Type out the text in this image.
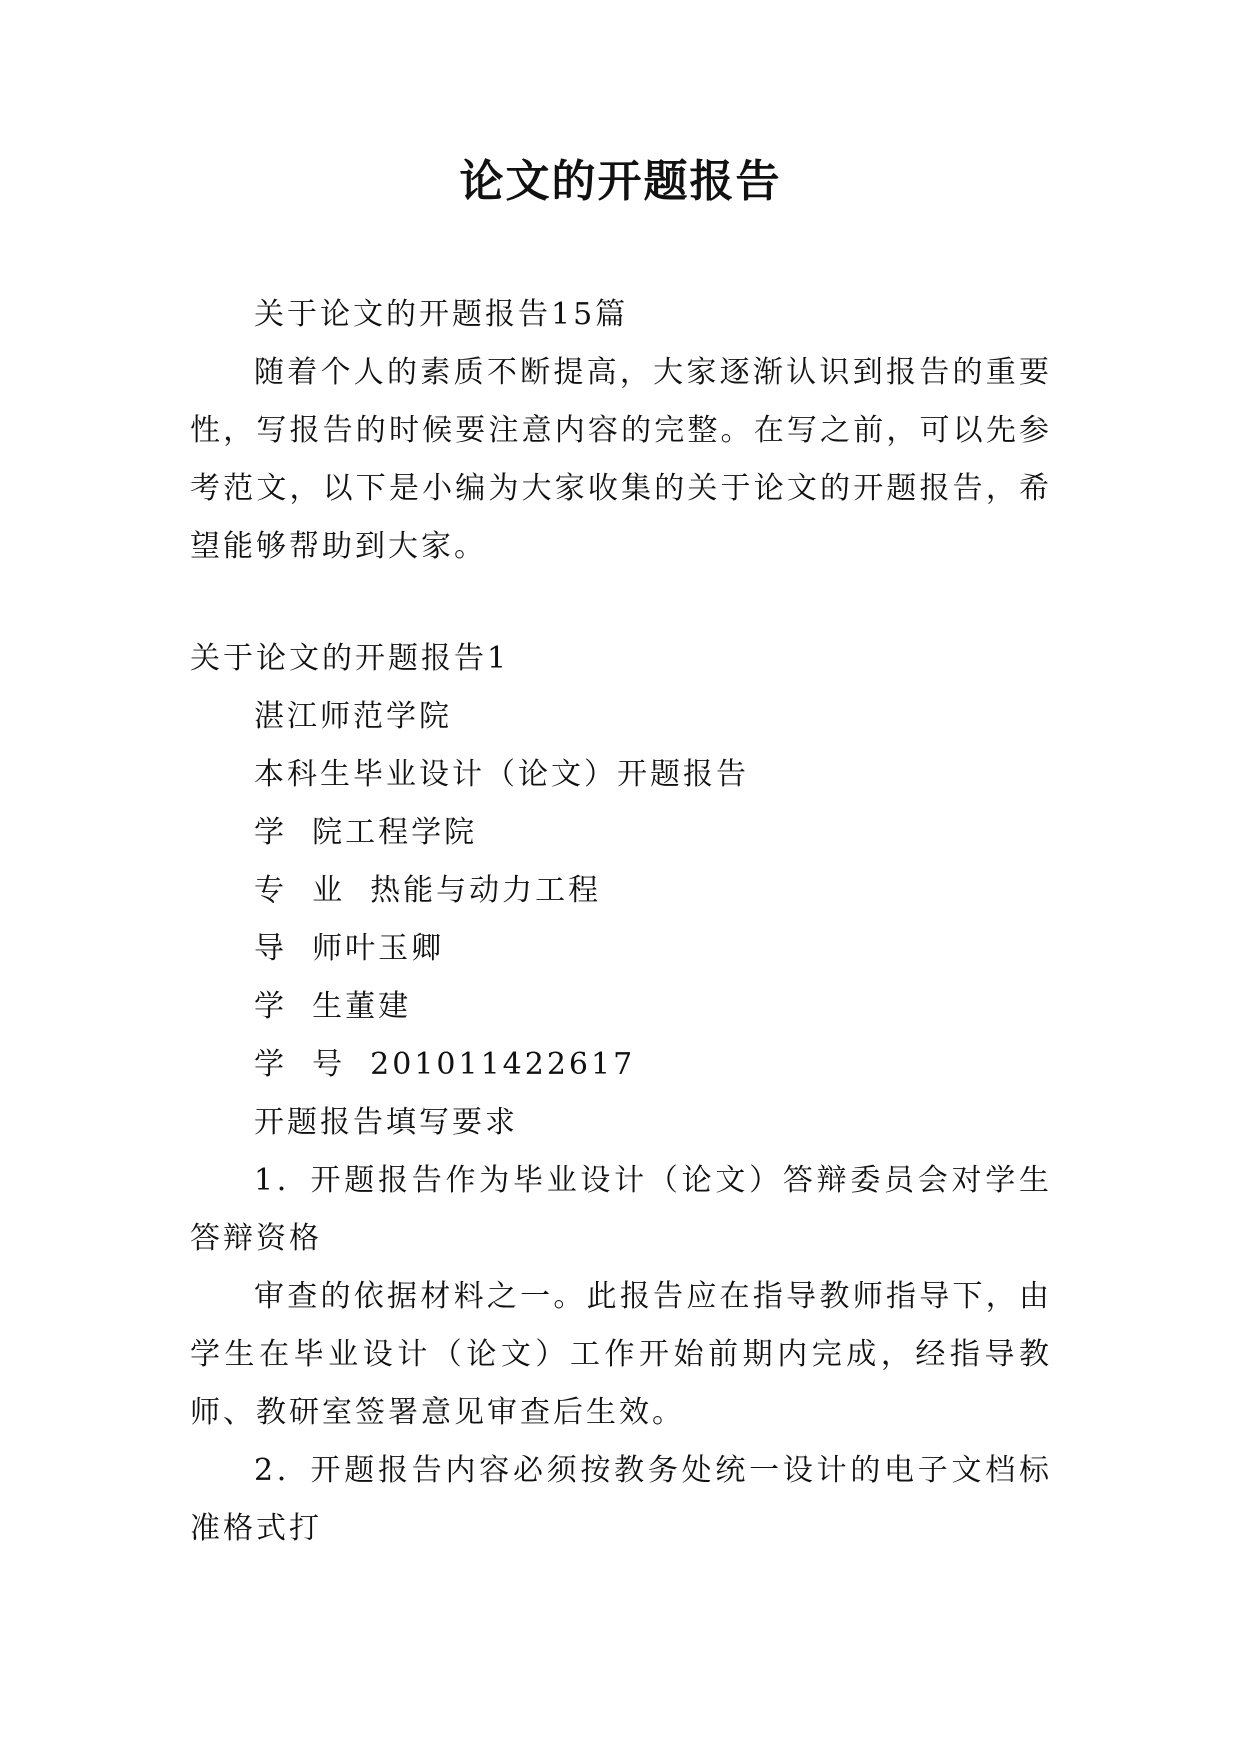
论文的开题报告

关于论文的开题报告15篇

随着个人的素质不断提高，大家逐渐认识到报告的重要性，写报告的时候要注意内容的完整。在写之前，可以先参考范文，以下是小编为大家收集的关于论文的开题报告，希望能够帮助到大家。

关于论文的开题报告1

湛江师范学院

本科生毕业设计（论文）开题报告

学  院工程学院

专  业  热能与动力工程

导  师叶玉卿

学  生董建

学  号  201011422617

开题报告填写要求

1．开题报告作为毕业设计（论文）答辩委员会对学生答辩资格

审查的依据材料之一。此报告应在指导教师指导下，由学生在毕业设计（论文）工作开始前期内完成，经指导教师、教研室签署意见审查后生效。

2．开题报告内容必须按教务处统一设计的电子文档标准格式打
